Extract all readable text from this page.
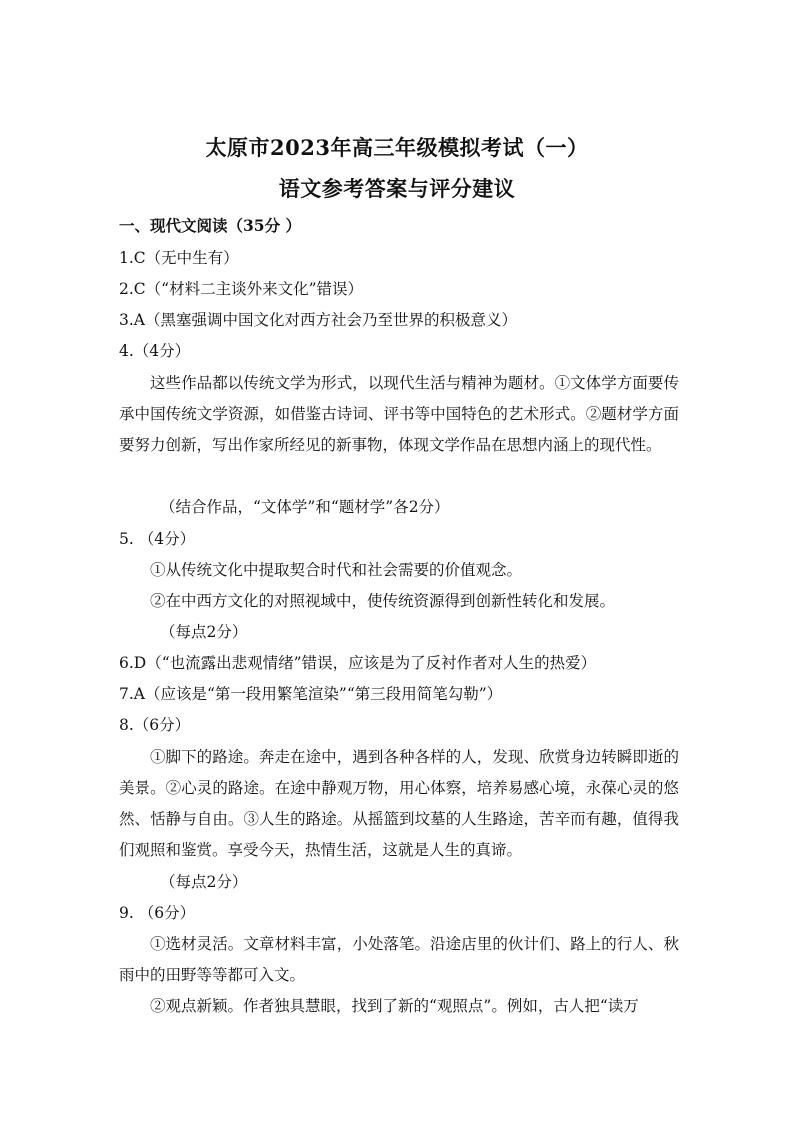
太原市2023年高三年级模拟考试（一）
语文参考答案与评分建议
一、现代文阅读（35分 ）
1.C（无中生有）
2.C（“材料二主谈外来文化”错误）
3.A（黑塞强调中国文化对西方社会乃至世界的积极意义）
4.（4分）
这些作品都以传统文学为形式，以现代生活与精神为题材。①文体学方面要传承中国传统文学资源，如借鉴古诗词、评书等中国特色的艺术形式。②题材学方面要努力创新，写出作家所经见的新事物，体现文学作品在思想内涵上的现代性。
（结合作品，“文体学”和“题材学”各2分）
5. （4分）
①从传统文化中提取契合时代和社会需要的价值观念。
②在中西方文化的对照视域中，使传统资源得到创新性转化和发展。
（每点2分）
6.D（“也流露出悲观情绪”错误，应该是为了反衬作者对人生的热爱）
7.A（应该是“第一段用繁笔渲染”“第三段用简笔勾勒”）
8.（6分）
①脚下的路途。奔走在途中，遇到各种各样的人，发现、欣赏身边转瞬即逝的美景。②心灵的路途。在途中静观万物，用心体察，培养易感心境，永葆心灵的悠然、恬静与自由。③人生的路途。从摇篮到坟墓的人生路途，苦辛而有趣，值得我们观照和鉴赏。享受今天，热情生活，这就是人生的真谛。
（每点2分）
9. （6分）
①选材灵活。文章材料丰富，小处落笔。沿途店里的伙计们、路上的行人、秋雨中的田野等等都可入文。
②观点新颖。作者独具慧眼，找到了新的“观照点”。例如，古人把“读万
